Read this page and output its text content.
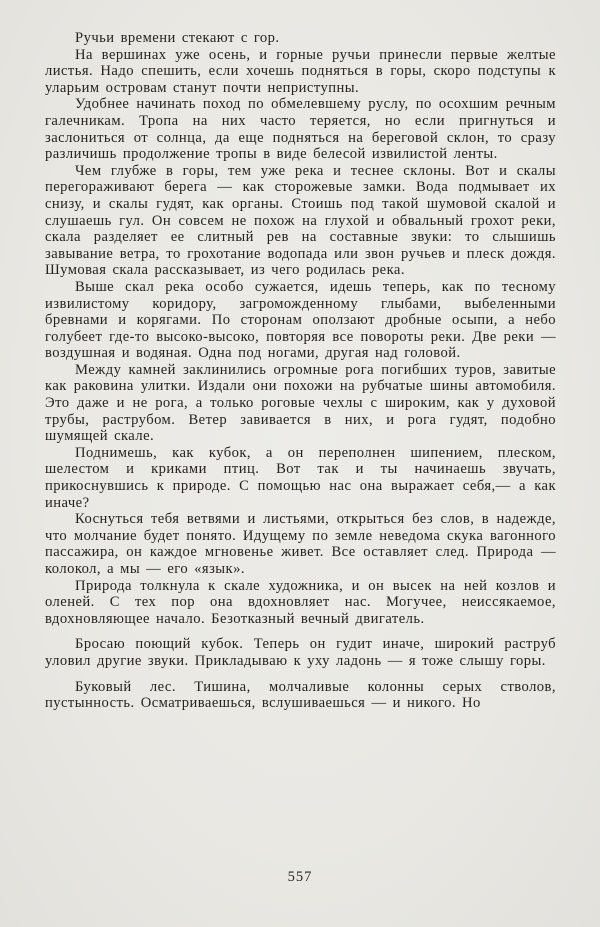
Ручьи времени стекают с гор.

На вершинах уже осень, и горные ручьи принесли первые желтые листья. Надо спешить, если хочешь подняться в горы, скоро подступы к уларьим островам станут почти неприступны.

Удобнее начинать поход по обмелевшему руслу, по осохшим речным галечникам. Тропа на них часто теряется, но если пригнуться и заслониться от солнца, да еще подняться на береговой склон, то сразу различишь продолжение тропы в виде белесой извилистой ленты.

Чем глубже в горы, тем уже река и теснее склоны. Вот и скалы перегораживают берега — как сторожевые замки. Вода подмывает их снизу, и скалы гудят, как органы. Стоишь под такой шумовой скалой и слушаешь гул. Он совсем не похож на глухой и обвальный грохот реки, скала разделяет ее слитный рев на составные звуки: то слышишь завывание ветра, то грохотание водопада или звон ручьев и плеск дождя. Шумовая скала рассказывает, из чего родилась река.

Выше скал река особо сужается, идешь теперь, как по тесному извилистому коридору, загроможденному глыбами, выбеленными бревнами и корягами. По сторонам оползают дробные осыпи, а небо голубеет где-то высоко-высоко, повторяя все повороты реки. Две реки — воздушная и водяная. Одна под ногами, другая над головой.

Между камней заклинились огромные рога погибших туров, завитые как раковина улитки. Издали они похожи на рубчатые шины автомобиля. Это даже и не рога, а только роговые чехлы с широким, как у духовой трубы, раструбом. Ветер завивается в них, и рога гудят, подобно шумящей скале.

Поднимешь, как кубок, а он переполнен шипением, плеском, шелестом и криками птиц. Вот так и ты начинаешь звучать, прикоснувшись к природе. С помощью нас она выражает себя,— а как иначе?

Коснуться тебя ветвями и листьями, открыться без слов, в надежде, что молчание будет понято. Идущему по земле неведома скука вагонного пассажира, он каждое мгновенье живет. Все оставляет след. Природа — колокол, а мы — его «язык».

Природа толкнула к скале художника, и он высек на ней козлов и оленей. С тех пор она вдохновляет нас. Могучее, неиссякаемое, вдохновляющее начало. Безотказный вечный двигатель.

Бросаю поющий кубок. Теперь он гудит иначе, широкий раструб уловил другие звуки. Прикладываю к уху ладонь — я тоже слышу горы.

Буковый лес. Тишина, молчаливые колонны серых стволов, пустынность. Осматриваешься, вслушиваешься — и никого. Но

557
